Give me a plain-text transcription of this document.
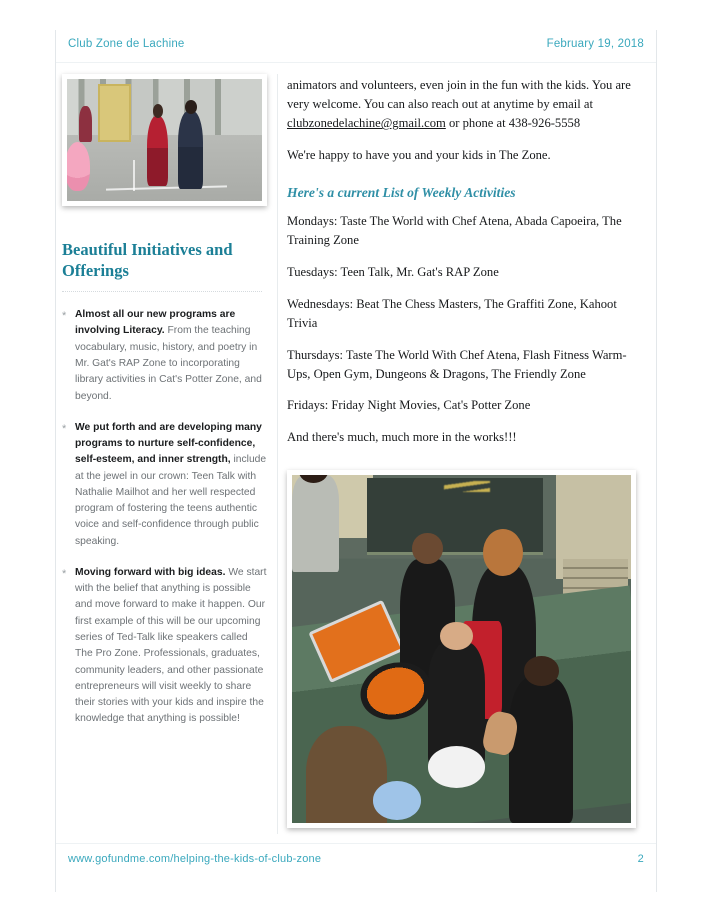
Club Zone de Lachine	February 19, 2018
Beautiful Initiatives and Offerings
* Almost all our new programs are involving Literacy. From the teaching vocabulary, music, history, and poetry in Mr. Gat's RAP Zone to incorporating library activities in Cat's Potter Zone, and beyond.
* We put forth and are developing many programs to nurture self-confidence, self-esteem, and inner strength, include at the jewel in our crown: Teen Talk with Nathalie Mailhot and her well respected program of fostering the teens authentic voice and self-confidence through public speaking.
* Moving forward with big ideas. We start with the belief that anything is possible and move forward to make it happen. Our first example of this will be our upcoming series of Ted-Talk like speakers called The Pro Zone. Professionals, graduates, community leaders, and other passionate entrepreneurs will visit weekly to share their stories with your kids and inspire the knowledge that anything is possible!

animators and volunteers, even join in the fun with the kids. You are very welcome. You can also reach out at anytime by email at clubzonedelachine@gmail.com or phone at 438-926-5558

We're happy to have you and your kids in The Zone.

Here's a current List of Weekly Activities

Mondays: Taste The World with Chef Atena, Abada Capoeira, The Training Zone

Tuesdays: Teen Talk, Mr. Gat's RAP Zone

Wednesdays: Beat The Chess Masters, The Graffiti Zone, Kahoot Trivia

Thursdays: Taste The World With Chef Atena, Flash Fitness Warm-Ups, Open Gym, Dungeons & Dragons, The Friendly Zone

Fridays: Friday Night Movies, Cat's Potter Zone

And there's much, much more in the works!!!

www.gofundme.com/helping-the-kids-of-club-zone	2
